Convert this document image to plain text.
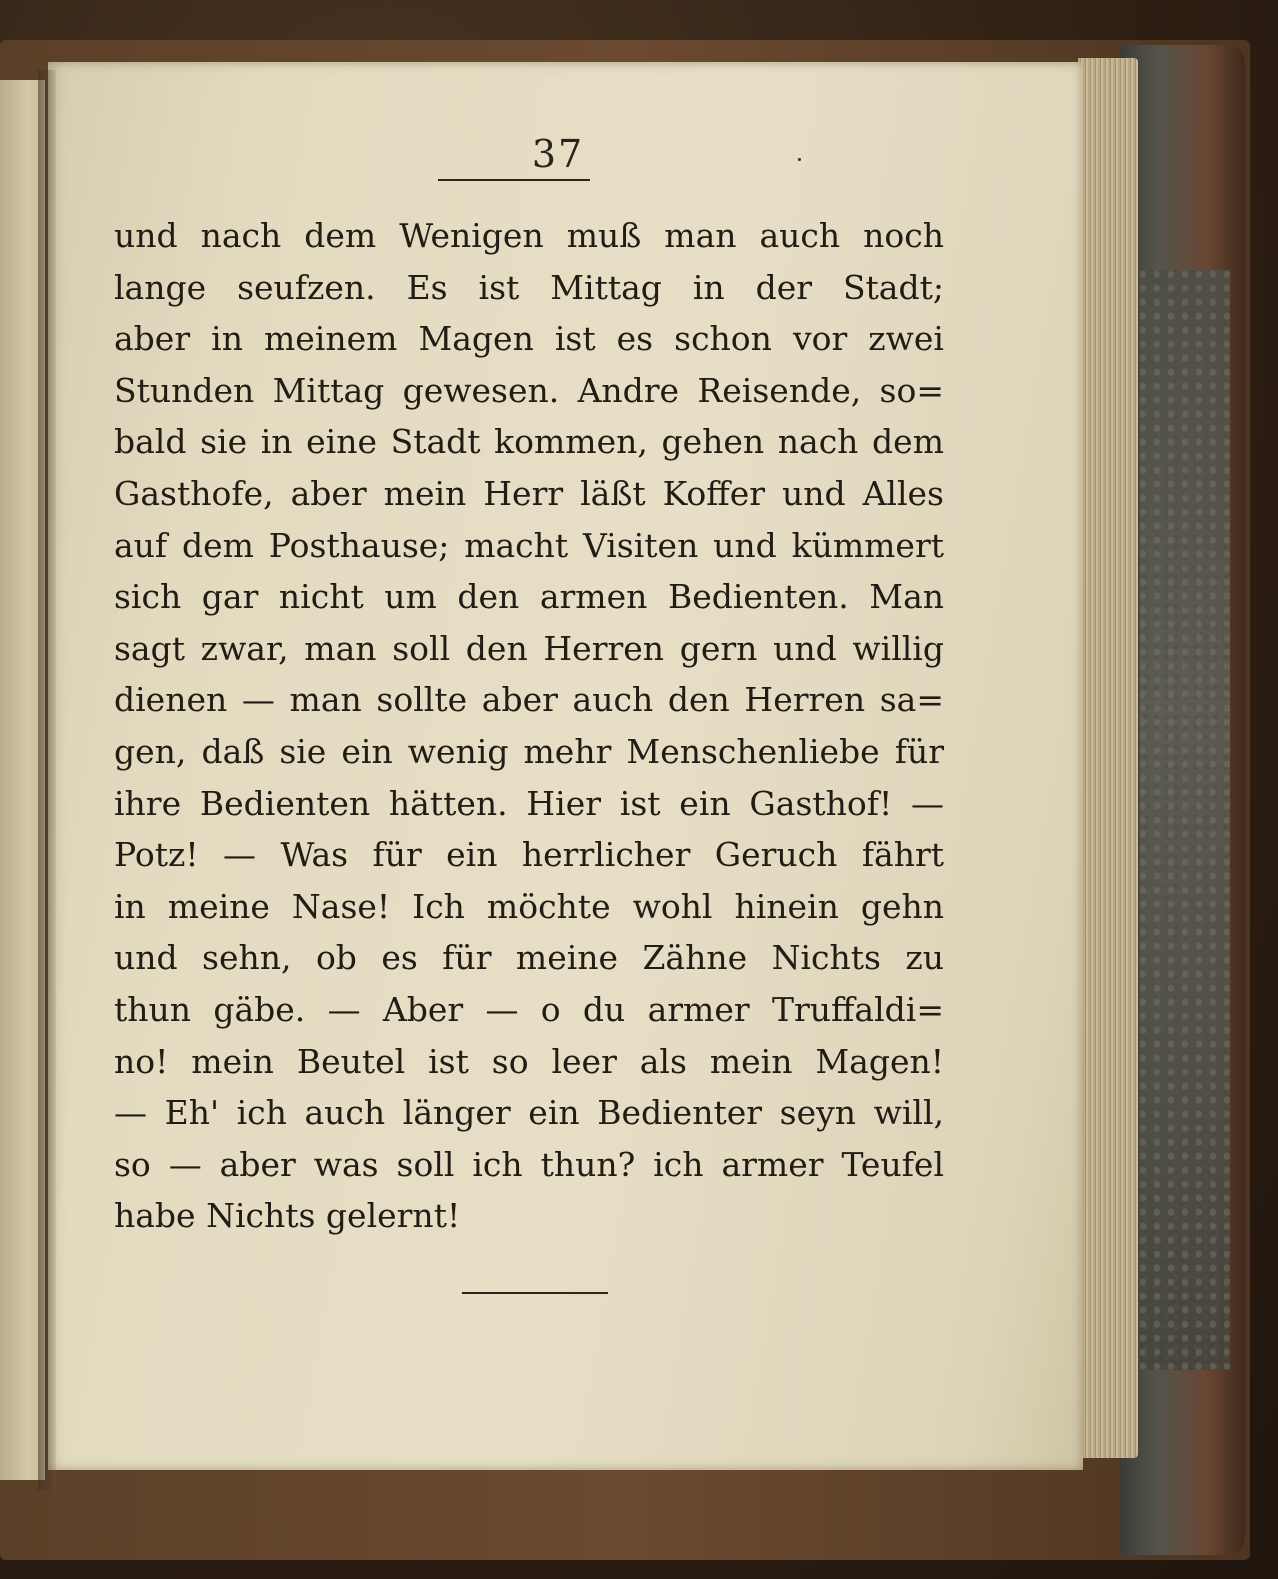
37
und nach dem Wenigen muß man auch noch
lange seufzen. Es ist Mittag in der Stadt;
aber in meinem Magen ist es schon vor zwei
Stunden Mittag gewesen. Andre Reisende, so=
bald sie in eine Stadt kommen, gehen nach dem
Gasthofe, aber mein Herr läßt Koffer und Alles
auf dem Posthause; macht Visiten und kümmert
sich gar nicht um den armen Bedienten. Man
sagt zwar, man soll den Herren gern und willig
dienen — man sollte aber auch den Herren sa=
gen, daß sie ein wenig mehr Menschenliebe für
ihre Bedienten hätten. Hier ist ein Gasthof! —
Potz! — Was für ein herrlicher Geruch fährt
in meine Nase! Ich möchte wohl hinein gehn
und sehn, ob es für meine Zähne Nichts zu
thun gäbe. — Aber — o du armer Truffaldi=
no! mein Beutel ist so leer als mein Magen!
— Eh' ich auch länger ein Bedienter seyn will,
so — aber was soll ich thun? ich armer Teufel
habe Nichts gelernt!
